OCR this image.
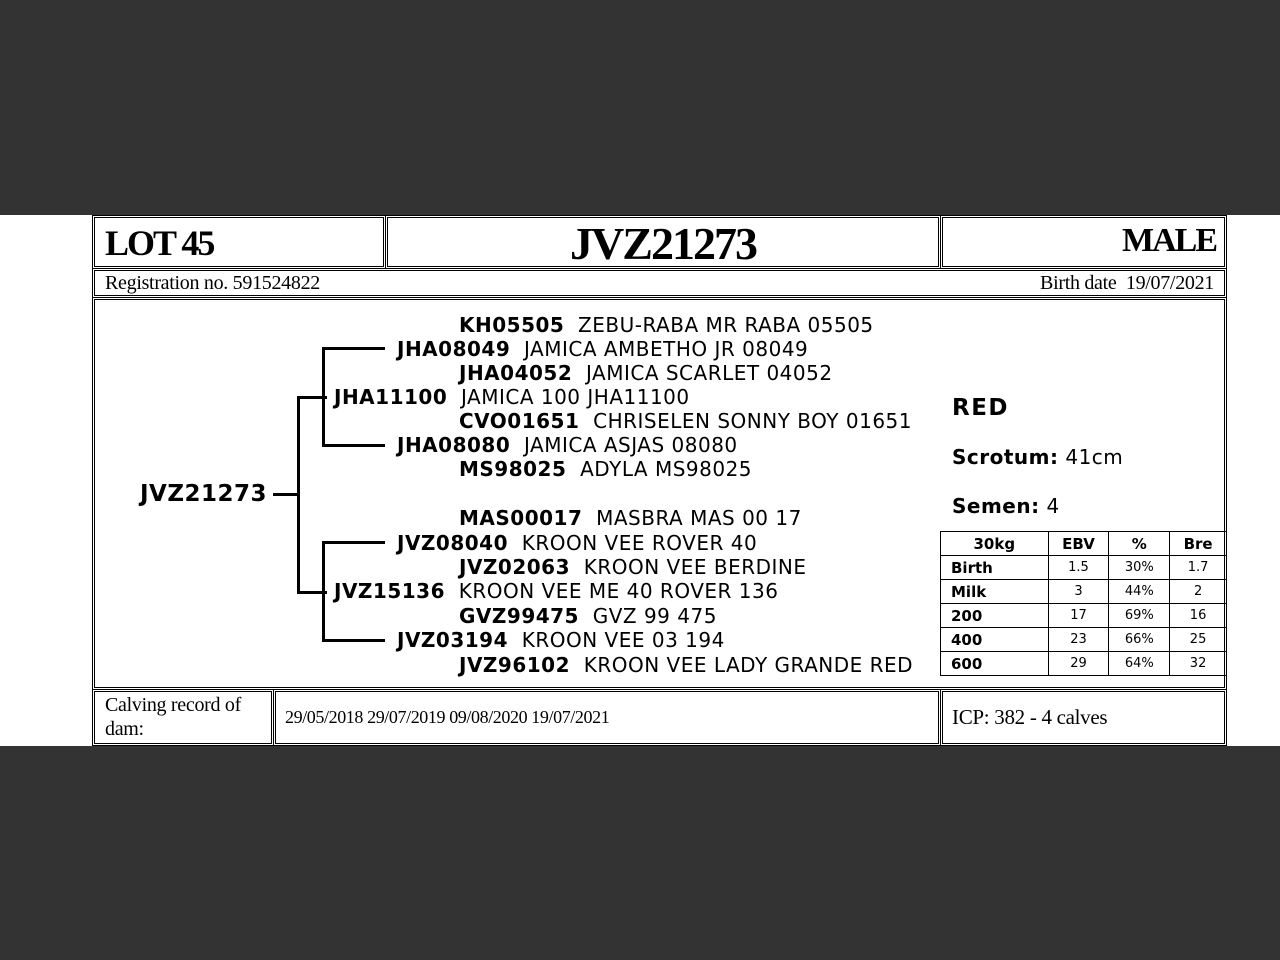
LOT 45	JVZ21273	MALE
Registration no. 591524822	Birth date 19/07/2021
JVZ21273
KH05505 ZEBU-RABA MR RABA 05505
JHA08049 JAMICA AMBETHO JR 08049
JHA04052  JAMICA SCARLET 04052
JHA11100 JAMICA 100 JHA11100
CVO01651 CHRISELEN SONNY BOY 01651
JHA08080 JAMICA ASJAS 08080
MS98025 ADYLA MS98025
MAS00017 MASBRA MAS 00 17
JVZ08040 KROON VEE ROVER 40
JVZ02063 KROON VEE BERDINE
JVZ15136 KROON VEE ME 40 ROVER 136
GVZ99475 GVZ 99 475
JVZ03194 KROON VEE 03 194
JVZ96102 KROON VEE LADY GRANDE RED
RED
Scrotum: 41cm
Semen: 4
30kg	EBV	%	Bre
Birth	1.5	30%	1.7
Milk	3	44%	2
200	17	69%	16
400	23	66%	25
600	29	64%	32
Calving record of dam:
29/05/2018 29/07/2019 09/08/2020 19/07/2021	ICP: 382 - 4 calves
